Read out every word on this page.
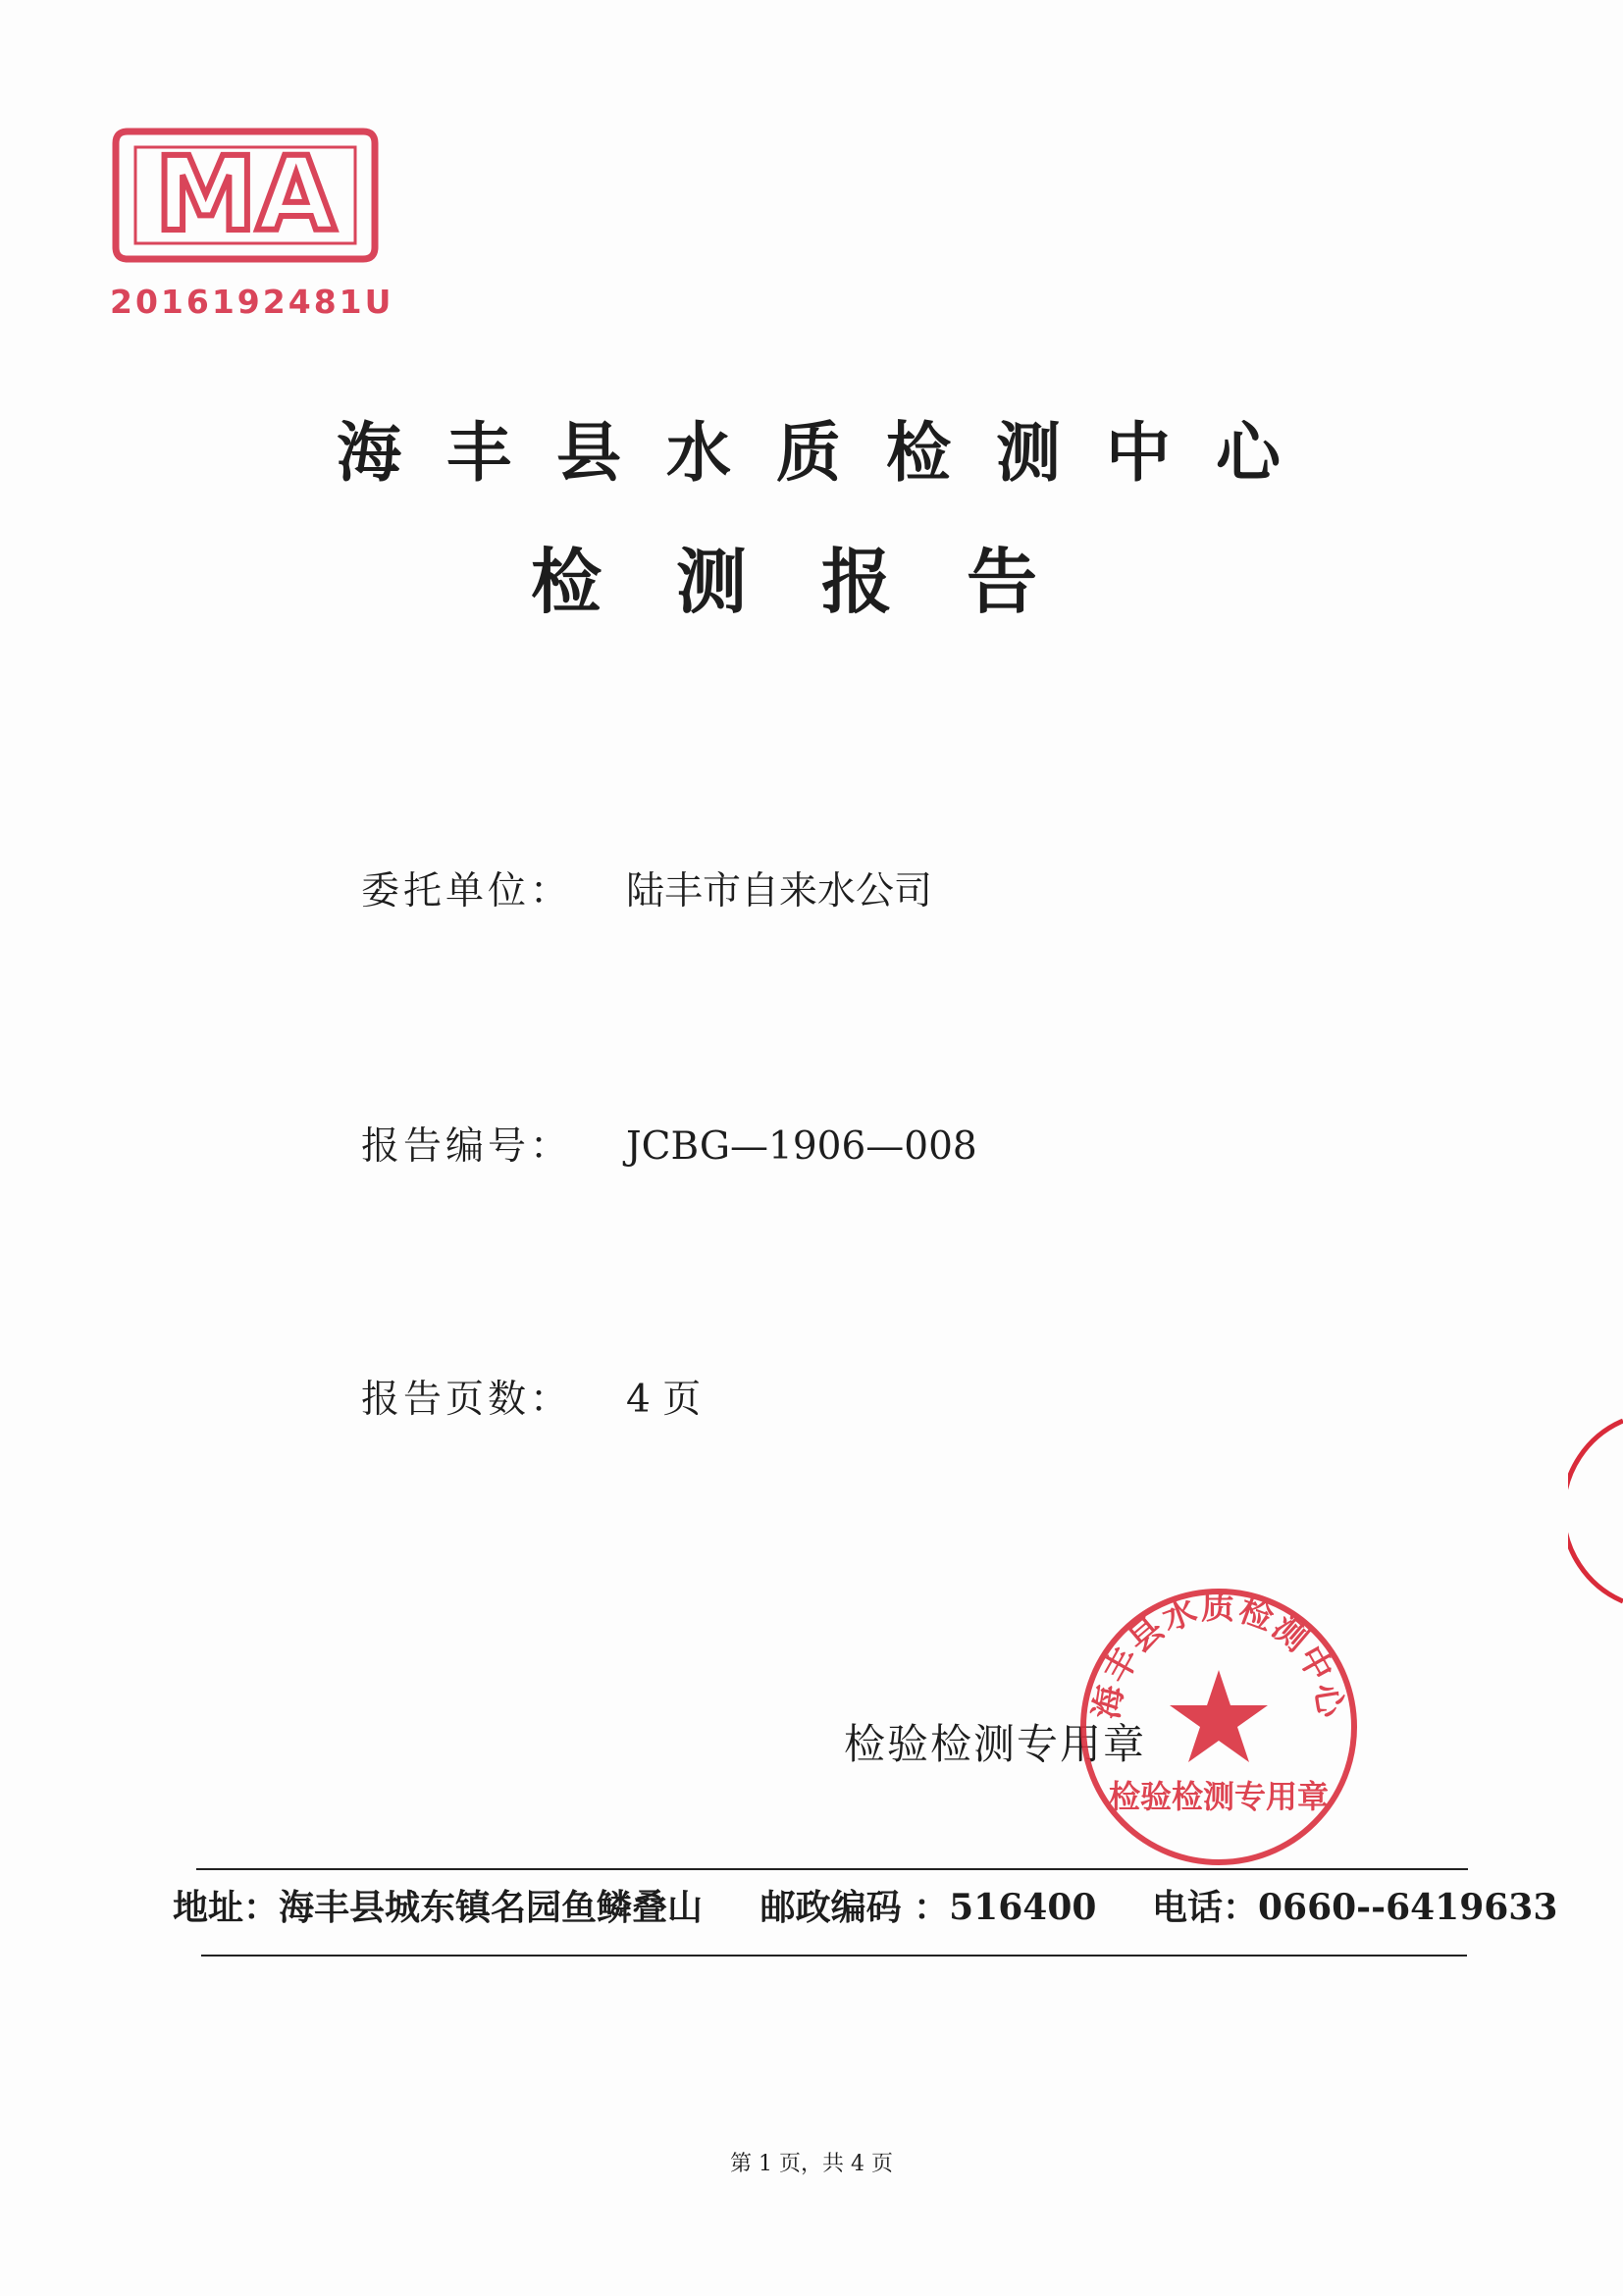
MA
2016192481U
海丰县水质检测中心
检测报告
委托单位： 陆丰市自来水公司
报告编号： JCBG—1906—008
报告页数： 4 页
检验检测专用章
海丰县水质检测中心
检验检测专用章
地址：海丰县城东镇名园鱼鳞叠山 邮政编码 ：516400 电话：0660--6419633
第 1 页，共 4 页
